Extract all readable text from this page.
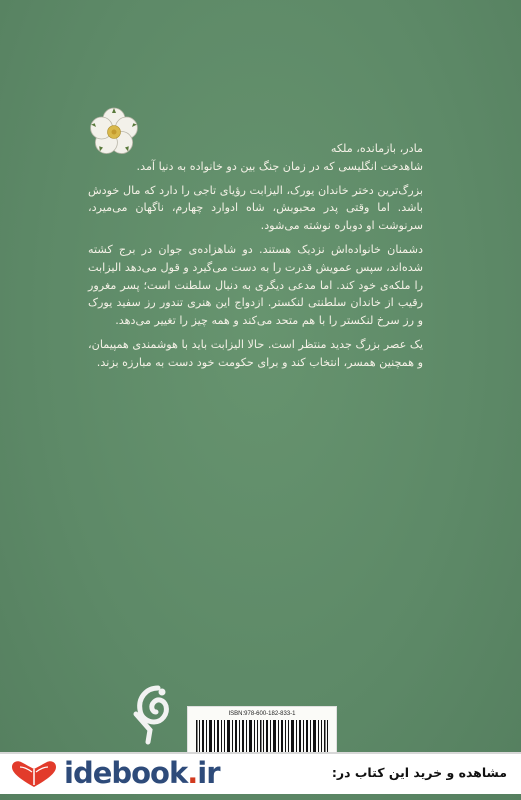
مادر، بازمانده، ملکه

شاهدخت انگلیسی که در زمان جنگ بین دو خانواده به دنیا آمد.

بزرگ‌ترین دختر خاندان یورک، الیزابت رؤیای تاجی را دارد که مال خودش باشد. اما وقتی پدر محبوبش، شاه ادوارد چهارم، ناگهان می‌میرد، سرنوشت او دوباره نوشته می‌شود.

دشمنان خانواده‌اش نزدیک هستند. دو شاهزاده‌ی جوان در برج کشته شده‌اند، سپس عمویش قدرت را به دست می‌گیرد و قول می‌دهد الیزابت را ملکه‌ی خود کند. اما مدعی دیگری به دنبال سلطنت است؛ پسر مغرور رقیب از خاندان سلطنتی لنکستر. ازدواج این هنری تندور رز سفید یورک و رز سرخ لنکستر را با هم متحد می‌کند و همه چیز را تغییر می‌دهد.

یک عصر بزرگ جدید منتظر است. حالا الیزابت باید با هوشمندی همپیمان، و همچنین همسر، انتخاب کند و برای حکومت خود دست به مبارزه بزند.

ISBN:978-600-182-833-1
idebook.ir	مشاهده و خرید این کتاب در:
